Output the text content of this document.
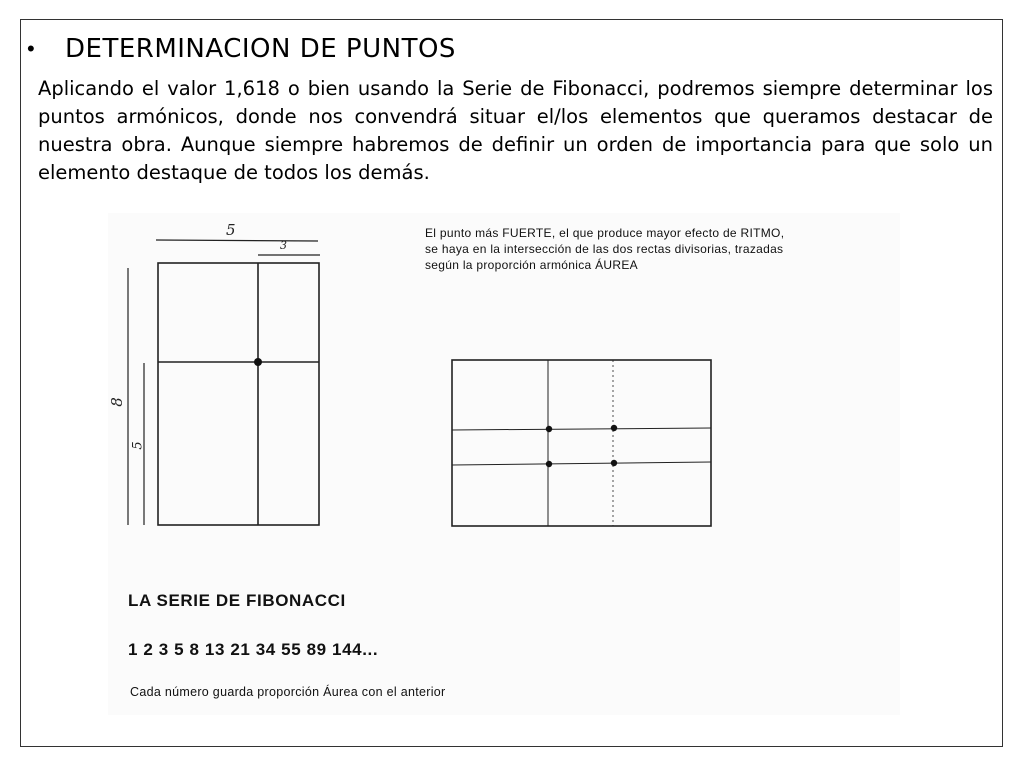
•	DETERMINACION DE PUNTOS
Aplicando el valor 1,618 o bien usando la Serie de Fibonacci, podremos siempre determinar los puntos armónicos, donde nos convendrá situar el/los elementos que queramos destacar de nuestra obra. Aunque siempre habremos de definir un orden de importancia para que solo un elemento destaque de todos los demás.
5
3
8
5
El punto más FUERTE, el que produce mayor efecto de RITMO,
se haya en la intersección de las dos rectas divisorias, trazadas
según la proporción armónica ÁUREA
LA SERIE DE FIBONACCI
1 2 3 5 8 13 21 34 55 89 144...
Cada número guarda proporción Áurea con el anterior
